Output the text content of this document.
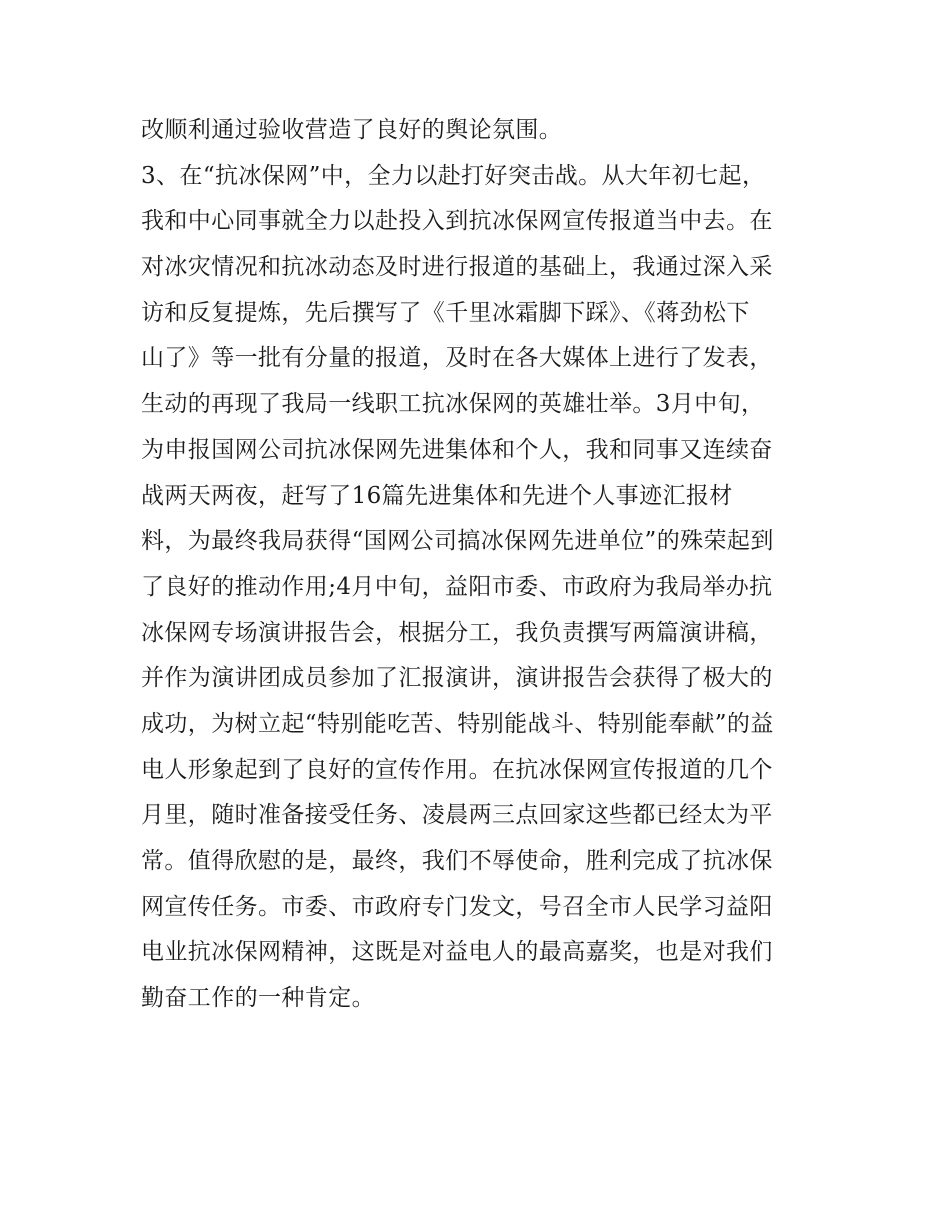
改顺利通过验收营造了良好的舆论氛围。
3、在“抗冰保网”中，全力以赴打好突击战。从大年初七起，
我和中心同事就全力以赴投入到抗冰保网宣传报道当中去。在
对冰灾情况和抗冰动态及时进行报道的基础上，我通过深入采
访和反复提炼，先后撰写了《千里冰霜脚下踩》、《蒋劲松下
山了》等一批有分量的报道，及时在各大媒体上进行了发表，
生动的再现了我局一线职工抗冰保网的英雄壮举。3月中旬，
为申报国网公司抗冰保网先进集体和个人，我和同事又连续奋
战两天两夜，赶写了16篇先进集体和先进个人事迹汇报材
料，为最终我局获得“国网公司搞冰保网先进单位”的殊荣起到
了良好的推动作用;4月中旬，益阳市委、市政府为我局举办抗
冰保网专场演讲报告会，根据分工，我负责撰写两篇演讲稿，
并作为演讲团成员参加了汇报演讲，演讲报告会获得了极大的
成功，为树立起“特别能吃苦、特别能战斗、特别能奉献”的益
电人形象起到了良好的宣传作用。在抗冰保网宣传报道的几个
月里，随时准备接受任务、凌晨两三点回家这些都已经太为平
常。值得欣慰的是，最终，我们不辱使命，胜利完成了抗冰保
网宣传任务。市委、市政府专门发文，号召全市人民学习益阳
电业抗冰保网精神，这既是对益电人的最高嘉奖，也是对我们
勤奋工作的一种肯定。
